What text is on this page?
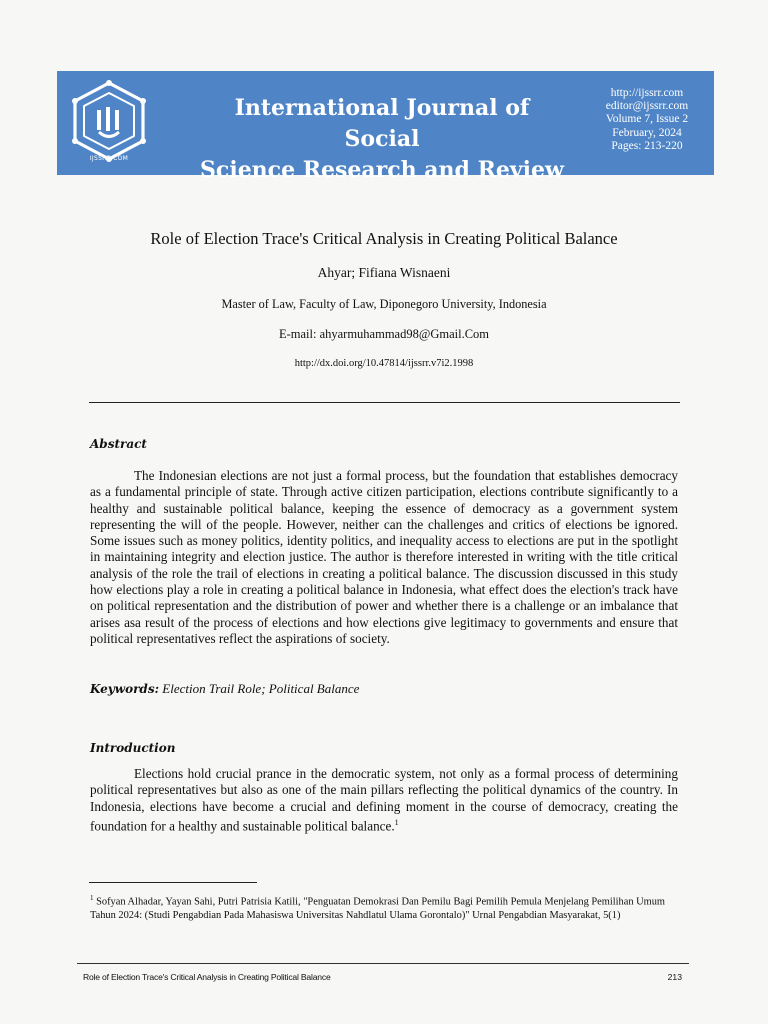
IJSSRR.COM
International Journal of Social
Science Research and Review
http://ijssrr.com
editor@ijssrr.com
Volume 7, Issue 2
February, 2024
Pages: 213-220
Role of Election Trace's Critical Analysis in Creating Political Balance
Ahyar; Fifiana Wisnaeni
Master of Law, Faculty of Law, Diponegoro University, Indonesia
E-mail: ahyarmuhammad98@Gmail.Com
http://dx.doi.org/10.47814/ijssrr.v7i2.1998
Abstract

The Indonesian elections are not just a formal process, but the foundation that establishes democracy as a fundamental principle of state. Through active citizen participation, elections contribute significantly to a healthy and sustainable political balance, keeping the essence of democracy as a government system representing the will of the people. However, neither can the challenges and critics of elections be ignored. Some issues such as money politics, identity politics, and inequality access to elections are put in the spotlight in maintaining integrity and election justice. The author is therefore interested in writing with the title critical analysis of the role the trail of elections in creating a political balance. The discussion discussed in this study how elections play a role in creating a political balance in Indonesia, what effect does the election's track have on political representation and the distribution of power and whether there is a challenge or an imbalance that arises asa result of the process of elections and how elections give legitimacy to governments and ensure that political representatives reflect the aspirations of society.

Keywords: Election Trail Role; Political Balance
Introduction

Elections hold crucial prance in the democratic system, not only as a formal process of determining political representatives but also as one of the main pillars reflecting the political dynamics of the country. In Indonesia, elections have become a crucial and defining moment in the course of democracy, creating the foundation for a healthy and sustainable political balance.$^1$

$^1$ Sofyan Alhadar, Yayan Sahi, Putri Patrisia Katili, "Penguatan Demokrasi Dan Pemilu Bagi Pemilih Pemula Menjelang Pemilihan Umum Tahun 2024: (Studi Pengabdian Pada Mahasiswa Universitas Nahdlatul Ulama Gorontalo)" Urnal Pengabdian Masyarakat, 5(1)

Role of Election Trace's Critical Analysis in Creating Political Balance	213
